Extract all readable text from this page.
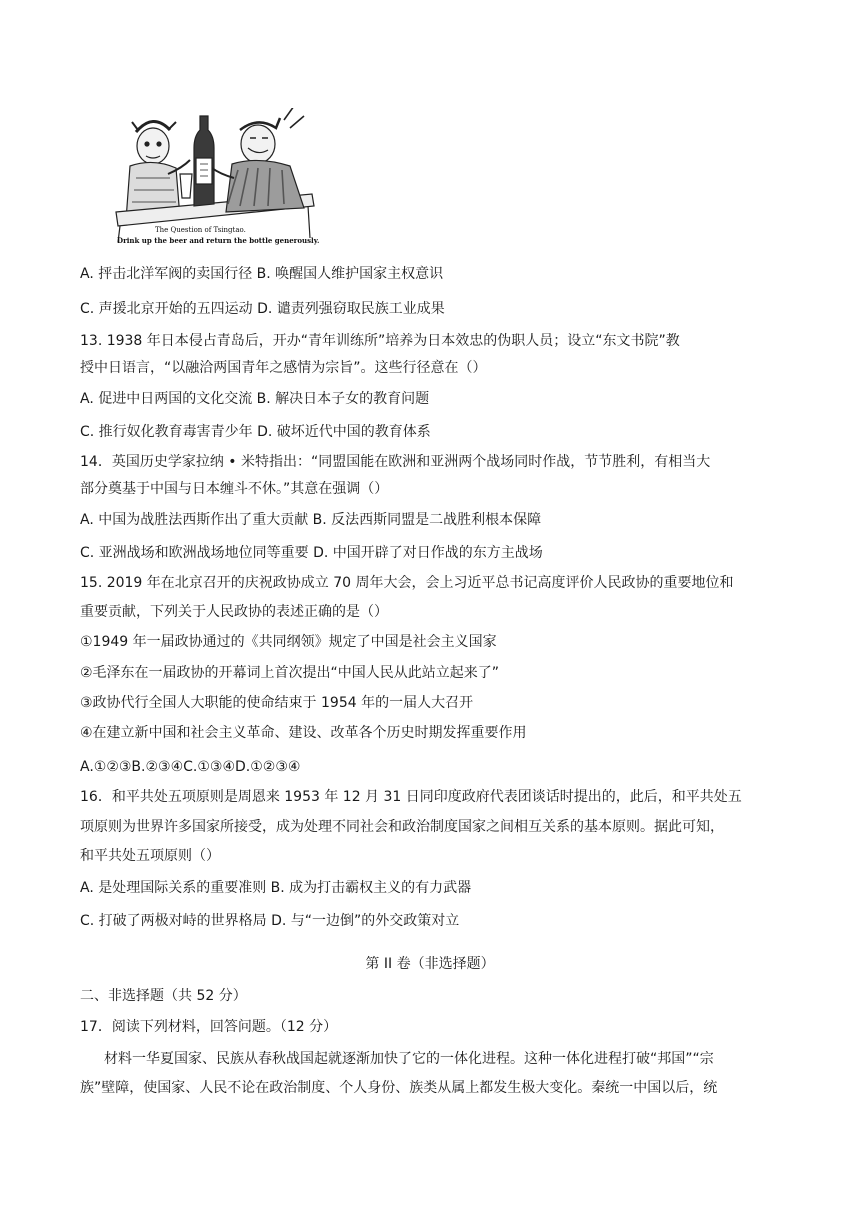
The Question of Tsingtao.
Drink up the beer and return the bottle generously.
A. 抨击北洋军阀的卖国行径 B. 唤醒国人维护国家主权意识
C. 声援北京开始的五四运动 D. 谴责列强窃取民族工业成果
13. 1938 年日本侵占青岛后，开办“青年训练所”培养为日本效忠的伪职人员；设立“东文书院”教
授中日语言，“以融洽两国青年之感情为宗旨”。这些行径意在（）
A. 促进中日两国的文化交流 B. 解决日本子女的教育问题
C. 推行奴化教育毒害青少年 D. 破坏近代中国的教育体系
14．英国历史学家拉纳 • 米特指出：“同盟国能在欧洲和亚洲两个战场同时作战，节节胜利，有相当大
部分奠基于中国与日本缠斗不休。”其意在强调（）
A. 中国为战胜法西斯作出了重大贡献 B. 反法西斯同盟是二战胜利根本保障
C. 亚洲战场和欧洲战场地位同等重要 D. 中国开辟了对日作战的东方主战场
15. 2019 年在北京召开的庆祝政协成立 70 周年大会，会上习近平总书记高度评价人民政协的重要地位和
重要贡献，下列关于人民政协的表述正确的是（）
①1949 年一届政协通过的《共同纲领》规定了中国是社会主义国家
②毛泽东在一届政协的开幕词上首次提出“中国人民从此站立起来了”
③政协代行全国人大职能的使命结束于 1954 年的一届人大召开
④在建立新中国和社会主义革命、建设、改革各个历史时期发挥重要作用
A.①②③B.②③④C.①③④D.①②③④
16．和平共处五项原则是周恩来 1953 年 12 月 31 日同印度政府代表团谈话时提出的，此后，和平共处五
项原则为世界许多国家所接受，成为处理不同社会和政治制度国家之间相互关系的基本原则。据此可知，
和平共处五项原则（）
A. 是处理国际关系的重要准则 B. 成为打击霸权主义的有力武器
C. 打破了两极对峙的世界格局 D. 与“一边倒”的外交政策对立
第 II 卷（非选择题）
二、非选择题（共 52 分）
17．阅读下列材料，回答问题。（12 分）
材料一华夏国家、民族从春秋战国起就逐渐加快了它的一体化进程。这种一体化进程打破“邦国”“宗
族”壁障，使国家、人民不论在政治制度、个人身份、族类从属上都发生极大变化。秦统一中国以后，统
